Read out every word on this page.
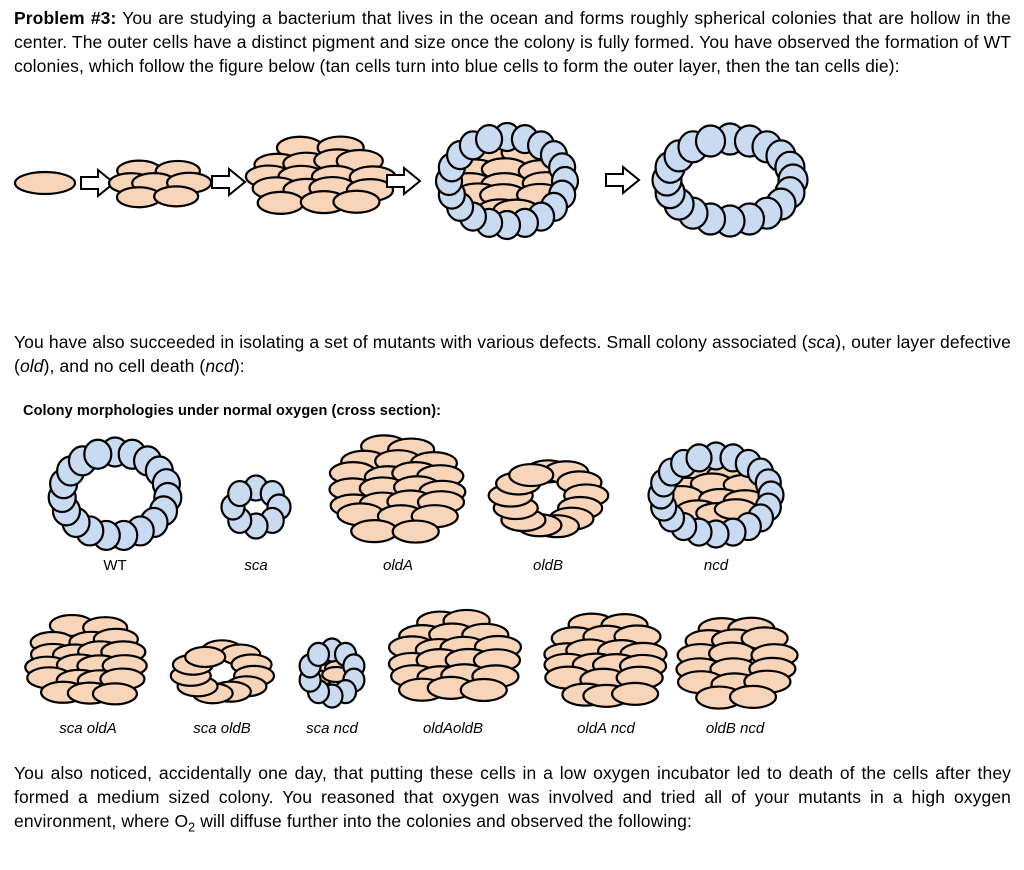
Problem #3: You are studying a bacterium that lives in the ocean and forms roughly spherical colonies that are hollow in the center. The outer cells have a distinct pigment and size once the colony is fully formed. You have observed the formation of WT colonies, which follow the figure below (tan cells turn into blue cells to form the outer layer, then the tan cells die):
You have also succeeded in isolating a set of mutants with various defects. Small colony associated (sca), outer layer defective (old), and no cell death (ncd):
Colony morphologies under normal oxygen (cross section):
WT	sca	oldA	oldB	ncd
sca oldA	sca oldB	sca ncd	oldAoldB	oldA ncd	oldB ncd
You also noticed, accidentally one day, that putting these cells in a low oxygen incubator led to death of the cells after they formed a medium sized colony. You reasoned that oxygen was involved and tried all of your mutants in a high oxygen environment, where $O_2$ will diffuse further into the colonies and observed the following:
